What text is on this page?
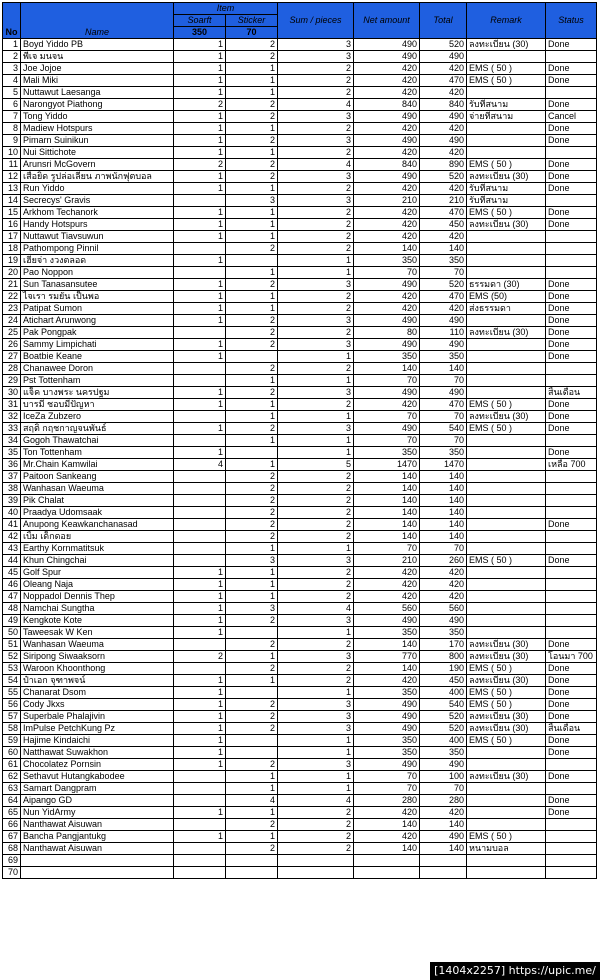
No	Name	Item		Sum / pieces	Net amount	Total	Remark	Status
		Soarft	Sticker					
		350	70					
1	Boyd Yiddo PB	1	2	3	490	520	ลงทะเบียน (30)	Done
2	พีเจ มนจน	1	2	3	490	490		
3	Joe Jojoe	1	1	2	420	420	EMS ( 50 )	Done
4	Mali Miki	1	1	2	420	470	EMS ( 50 )	Done
5	Nuttawut Laesanga	1	1	2	420	420		
6	Narongyot Piathong	2	2	4	840	840	รับที่สนาม	Done
7	Tong Yiddo	1	2	3	490	490	จ่ายที่สนาม	Cancel
8	Madiew Hotspurs	1	1	2	420	420		Done
9	Pimarn Suinikun	1	2	3	490	490		Done
10	Nui Sittichote	1	1	2	420	420		
11	Arunsri McGovern	2	2	4	840	890	EMS ( 50 )	Done
12	เสือยิด รูปล่อเลียน ภาพนักฟุตบอล	1	2	3	490	520	ลงทะเบียน (30)	Done
13	Run Yiddo	1	1	2	420	420	รับที่สนาม	Done
14	Secrecys' Gravis		3	3	210	210	รับที่สนาม	
15	Arkhom Techanork	1	1	2	420	470	EMS ( 50 )	Done
16	Handy Hotspurs	1	1	2	420	450	ลงทะเบียน (30)	Done
17	Nuttawut Tiavsuwun	1	1	2	420	420		
18	Pathompong Pinnil		2	2	140	140		
19	เฮียจ่า งวงตลอด	1		1	350	350		
20	Pao Noppon		1	1	70	70		
21	Sun Tanasansutee	1	2	3	490	520	ธรรมดา (30)	Done
22	ไจเรา รมยัน เป็นพอ	1	1	2	420	470	EMS (50)	Done
23	Patipat Sumon	1	1	2	420	420	ส่งธรรมดา	Done
24	Atichart Arunwong	1	2	3	490	490		Done
25	Pak Pongpak		2	2	80	110	ลงทะเบียน (30)	Done
26	Sammy Limpichati	1	2	3	490	490		Done
27	Boatbie Keane	1		1	350	350		Done
28	Chanawee Doron		2	2	140	140		
29	Pst Tottenham		1	1	70	70		
30	แจ็ค บางพระ นครปฐม	1	2	3	490	490		สิ้นเดือน
31	บารมี ชอบมีปัญหา	1	1	2	420	470	EMS ( 50 )	Done
32	IceZa Zubzero		1	1	70	70	ลงทะเบียน (30)	Done
33	สฤติ กฤชกาญจนพันธ์	1	2	3	490	540	EMS ( 50 )	Done
34	Gogoh Thawatchai		1	1	70	70		
35	Ton Tottenham	1		1	350	350		Done
36	Mr.Chain Kamwilai	4	1	5	1470	1470		เหลือ 700
37	Paitoon Sankeang		2	2	140	140		
38	Wanhasan Waeuma		2	2	140	140		
39	Pik Chalat		2	2	140	140		
40	Praadya Udomsaak		2	2	140	140		
41	Anupong Keawkanchanasad		2	2	140	140		Done
42	เบิ้ม เด็กดอย		2	2	140	140		
43	Earthy Kornmatitsuk		1	1	70	70		
44	Khun Chingchai		3	3	210	260	EMS ( 50 )	Done
45	Golf Spur	1	1	2	420	420		
46	Oleang Naja	1	1	2	420	420		
47	Noppadol Dennis Thep	1	1	2	420	420		
48	Namchai Sungtha	1	3	4	560	560		
49	Kengkote Kote	1	2	3	490	490		
50	Taweesak W Ken	1		1	350	350		
51	Wanhasan Waeuma		2	2	140	170	ลงทะเบียน (30)	Done
52	Siripong Siwaaksorn	2	1	3	770	800	ลงทะเบียน (30)	โอนมา 700
53	Waroon Khoonthong		2	2	140	190	EMS ( 50 )	Done
54	ป๋าเอก จุฑาพจน์	1	1	2	420	450	ลงทะเบียน (30)	Done
55	Chanarat Dsom	1		1	350	400	EMS ( 50 )	Done
56	Cody Jkxs	1	2	3	490	540	EMS ( 50 )	Done
57	Superbale Phalajivin	1	2	3	490	520	ลงทะเบียน (30)	Done
58	ImPulse PetchKung Pz	1	2	3	490	520	ลงทะเบียน (30)	สิ้นเดือน
59	Hajime Kindaichi	1		1	350	400	EMS ( 50 )	Done
60	Natthawat Suwakhon	1		1	350	350		Done
61	Chocolatez Pornsin	1	2	3	490	490		
62	Sethavut Hutangkabodee		1	1	70	100	ลงทะเบียน (30)	Done
63	Samart Dangpram		1	1	70	70		
64	Aipango GD		4	4	280	280		Done
65	Nun YidArmy	1	1	2	420	420		Done
66	Nanthawat Aisuwan		2	2	140	140		
67	Bancha Pangjantukg	1	1	2	420	490	EMS ( 50 )	
68	Nanthawat Aisuwan		2	2	140	140	หนามบอล	
69								
70								
[1404x2257] https://upic.me/
